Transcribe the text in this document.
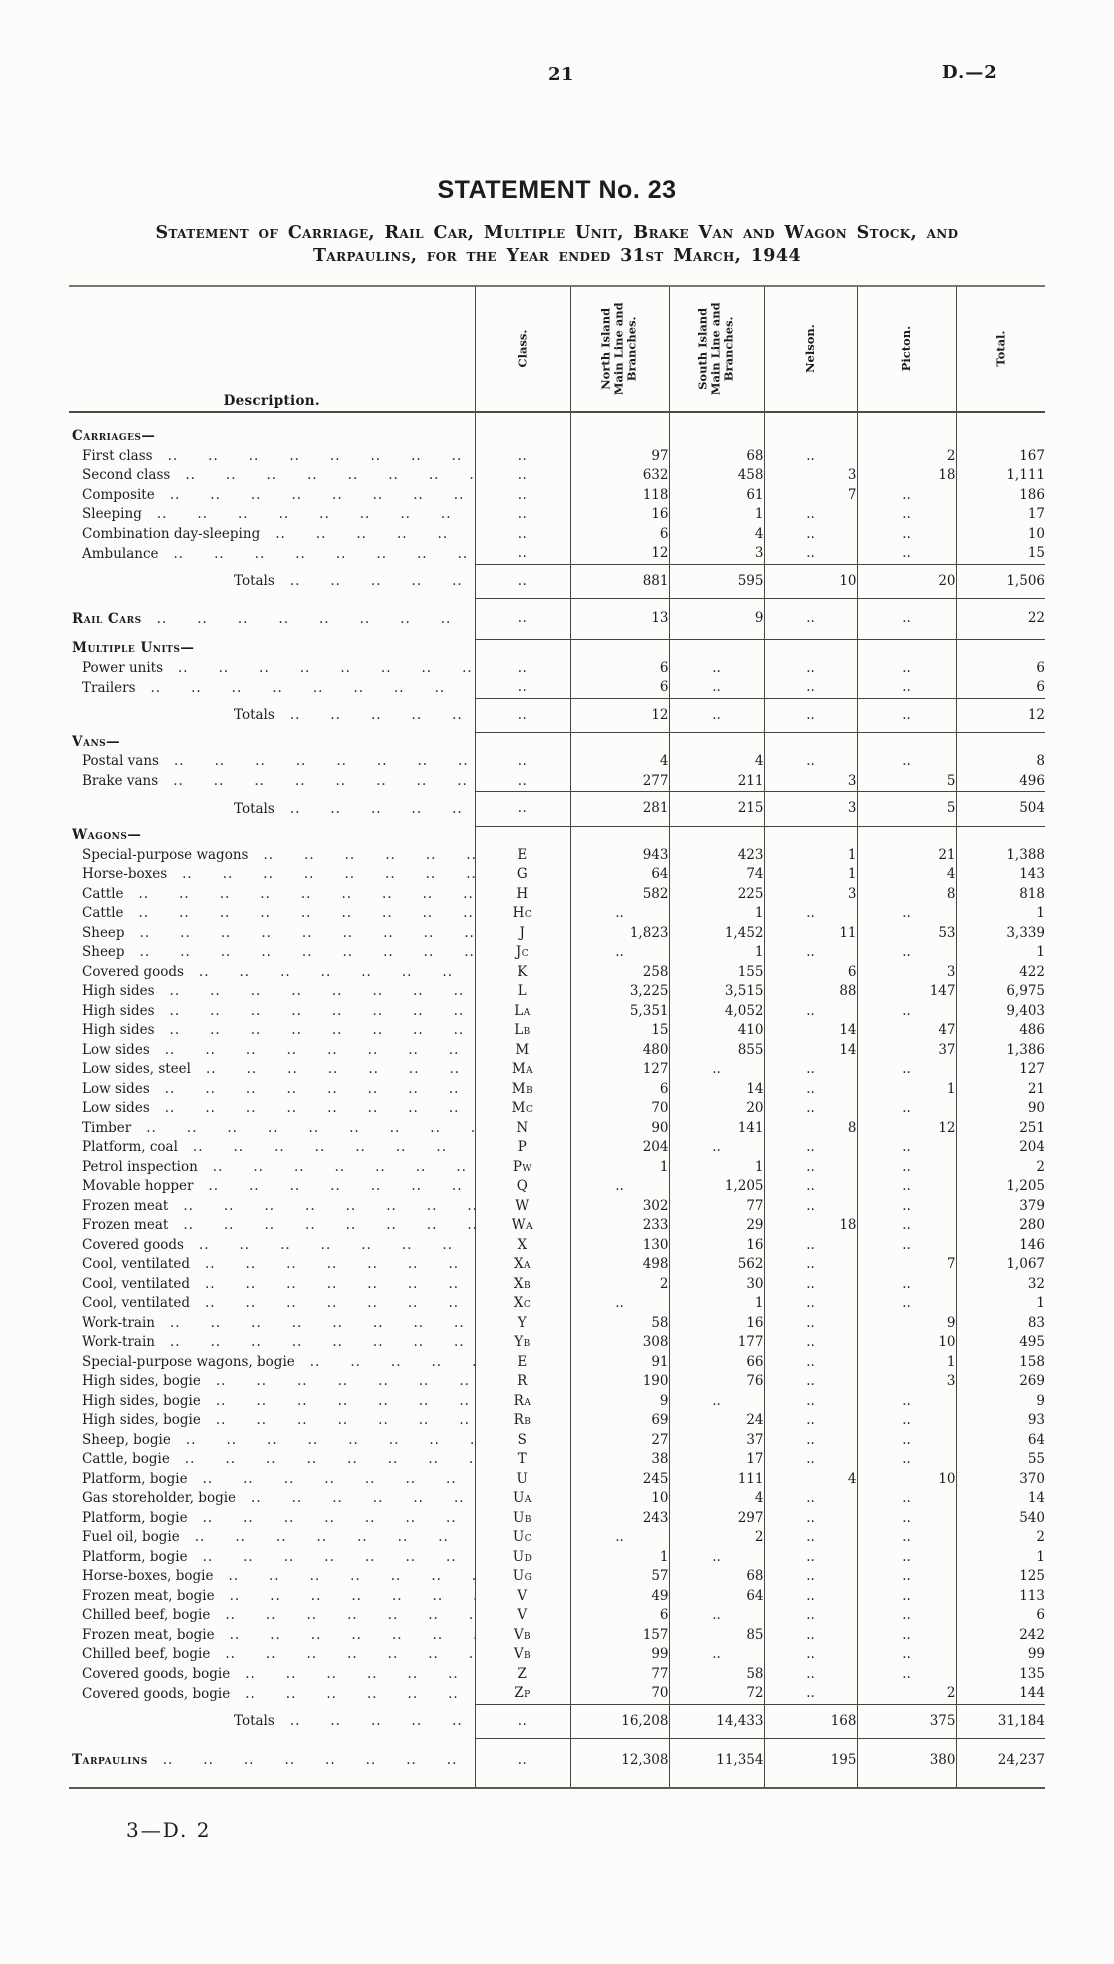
21	D.—2
STATEMENT No. 23

Statement of Carriage, Rail Car, Multiple Unit, Brake Van and Wagon Stock, and
Tarpaulins, for the Year ended 31st March, 1944

Description.	
Class.	North Island Main Line and Branches.	South Island Main Line and Branches.	Nelson.	Picton.	Total.

Carriages—						

First class
..   	..	97	68	..	2	167

Second class
..   	..	632	458	3	18	1,111

Composite
..   	..	118	61	7	..	186

Sleeping
..   	..	16	1	..	..	17

Combination day-sleeping
..   	..	6	4	..	..	10

Ambulance
..   	..	12	3	..	..	15

Totals
..   	..	881	595	10	20	1,506

Rail Cars
..   	..	13	9	..	..	22

Multiple Units—						

Power units
..   	..	6	..	..	..	6

Trailers
..   	..	6	..	..	..	6

Totals
..   	..	12	..	..	..	12

Vans—						

Postal vans
..   	..	4	4	..	..	8

Brake vans
..   	..	277	211	3	5	496

Totals
..   	..	281	215	3	5	504

Wagons—						

Special-purpose wagons
..   	E	943	423	1	21	1,388

Horse-boxes
..   	G	64	74	1	4	143

Cattle
..   	H	582	225	3	8	818

Cattle
..   	Hc	..	1	..	..	1

Sheep
..   	J	1,823	1,452	11	53	3,339

Sheep
..   	Jc	..	1	..	..	1

Covered goods
..   	K	258	155	6	3	422

High sides
..   	L	3,225	3,515	88	147	6,975

High sides
..   	La	5,351	4,052	..	..	9,403

High sides
..   	Lb	15	410	14	47	486

Low sides
..   	M	480	855	14	37	1,386

Low sides, steel
..   	Ma	127	..	..	..	127

Low sides
..   	Mb	6	14	..	1	21

Low sides
..   	Mc	70	20	..	..	90

Timber
..   	N	90	141	8	12	251

Platform, coal
..   	P	204	..	..	..	204

Petrol inspection
..   	Pw	1	1	..	..	2

Movable hopper
..   	Q	..	1,205	..	..	1,205

Frozen meat
..   	W	302	77	..	..	379

Frozen meat
..   	Wa	233	29	18	..	280

Covered goods
..   	X	130	16	..	..	146

Cool, ventilated
..   	Xa	498	562	..	7	1,067

Cool, ventilated
..   	Xb	2	30	..	..	32

Cool, ventilated
..   	Xc	..	1	..	..	1

Work-train
..   	Y	58	16	..	9	83

Work-train
..   	Yb	308	177	..	10	495

Special-purpose wagons, bogie
..   	E	91	66	..	1	158

High sides, bogie
..   	R	190	76	..	3	269

High sides, bogie
..   	Ra	9	..	..	..	9

High sides, bogie
..   	Rb	69	24	..	..	93

Sheep, bogie
..   	S	27	37	..	..	64

Cattle, bogie
..   	T	38	17	..	..	55

Platform, bogie
..   	U	245	111	4	10	370

Gas storeholder, bogie
..   	Ua	10	4	..	..	14

Platform, bogie
..   	Ub	243	297	..	..	540

Fuel oil, bogie
..   	Uc	..	2	..	..	2

Platform, bogie
..   	Ud	1	..	..	..	1

Horse-boxes, bogie
..   	Ug	57	68	..	..	125

Frozen meat, bogie
..   	V	49	64	..	..	113

Chilled beef, bogie
..   	V	6	..	..	..	6

Frozen meat, bogie
..   	Vb	157	85	..	..	242

Chilled beef, bogie
..   	Vb	99	..	..	..	99

Covered goods, bogie
..   	Z	77	58	..	..	135

Covered goods, bogie
..   	Zp	70	72	..	2	144

Totals
..   	..	16,208	14,433	168	375	31,184

Tarpaulins
..   	..	12,308	11,354	195	380	24,237
3—D. 2
